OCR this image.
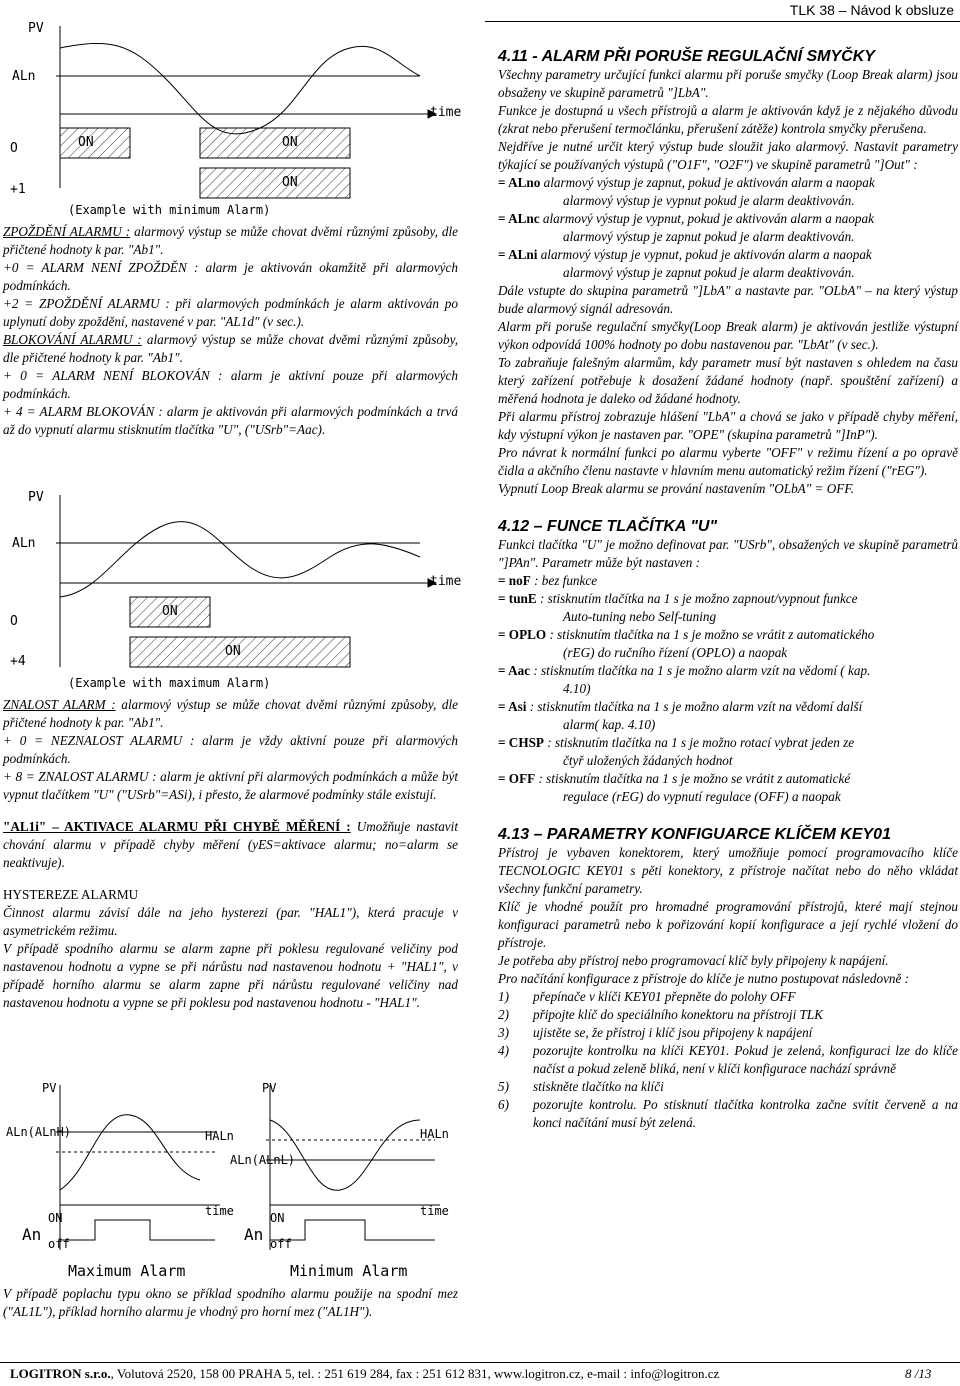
TLK 38 – Návod k obsluze
PV
ALn
time
O
+1
ON	ON
ON
(Example with minimum Alarm)

ZPOŽDĚNÍ ALARMU : alarmový výstup se může chovat dvěmi různými způsoby, dle přičtené hodnoty k par. "Ab1".

+0 = ALARM NENÍ ZPOŽDĚN : alarm je aktivován okamžitě při alarmových podmínkách.

+2 = ZPOŽDĚNÍ ALARMU : při alarmových podmínkách je alarm aktivován po uplynutí doby zpoždění, nastavené v par. "AL1d" (v sec.).

BLOKOVÁNÍ ALARMU : alarmový výstup se může chovat dvěmi různými způsoby, dle přičtené hodnoty k par. "Ab1".

+ 0 = ALARM NENÍ BLOKOVÁN : alarm je aktivní pouze při alarmových podmínkách.

+ 4 = ALARM BLOKOVÁN : alarm je aktivován při alarmových podmínkách a trvá až do vypnutí alarmu stisknutím tlačítka "U", ("USrb"=Aac).

PV
ALn
time
O
+4
ON
ON
(Example with maximum Alarm)

ZNALOST ALARM : alarmový výstup se může chovat dvěmi různými způsoby, dle přičtené hodnoty k par. "Ab1".

+ 0 = NEZNALOST ALARMU : alarm je vždy aktivní pouze při alarmových podmínkách.

+ 8 = ZNALOST ALARMU : alarm je aktivní při alarmových podmínkách a může být vypnut tlačítkem "U" ("USrb"=ASi), i přesto, že alarmové podmínky stále existují.

"AL1i" – AKTIVACE ALARMU PŘI CHYBĚ MĚŘENÍ : Umožňuje nastavit chování alarmu v případě chyby měření (yES=aktivace alarmu; no=alarm se neaktivuje).

HYSTEREZE ALARMU

Činnost alarmu závisí dále na jeho hysterezi (par. "HAL1"), která pracuje v asymetrickém režimu.

V případě spodního alarmu se alarm zapne při poklesu regulované veličiny pod nastavenou hodnotu a vypne se při nárůstu nad nastavenou hodnotu + "HAL1", v případě horního alarmu se alarm zapne při nárůstu regulované veličiny nad nastavenou hodnotu a vypne se při poklesu pod nastavenou hodnotu - "HAL1".

PV
ALn(ALnH)	HALn
time
ON
off
An
Maximum Alarm
PV
ALn(ALnL)
HALn
time
ON
off
An
Minimum Alarm

V případě poplachu typu okno se příklad spodního alarmu použije na spodní mez ("AL1L"), příklad horního alarmu je vhodný pro horní mez ("AL1H").

4.11 - ALARM PŘI PORUŠE REGULAČNÍ SMYČKY

Všechny parametry určující funkci alarmu při poruše smyčky (Loop Break alarm) jsou obsaženy ve skupině parametrů "]LbA".

Funkce je dostupná u všech přístrojů a alarm je aktivován když je z nějakého důvodu (zkrat nebo přerušení termočlánku, přerušení zátěže) kontrola smyčky přerušena.

Nejdříve je nutné určit který výstup bude sloužit jako alarmový. Nastavit parametry týkající se používaných výstupů ("O1F", "O2F") ve skupině parametrů "]Out" :

= ALno alarmový výstup je zapnut, pokud je aktivován alarm a naopak

alarmový výstup je vypnut pokud je alarm deaktivován.

= ALnc alarmový výstup je vypnut, pokud je aktivován alarm a naopak

alarmový výstup je zapnut pokud je alarm deaktivován.

= ALni alarmový výstup je vypnut, pokud je aktivován alarm a naopak

alarmový výstup je zapnut pokud je alarm deaktivován.

Dále vstupte do skupina parametrů "]LbA" a nastavte par. "OLbA" – na který výstup bude alarmový signál adresován.

Alarm při poruše regulační smyčky(Loop Break alarm) je aktivován jestliže výstupní výkon odpovídá 100% hodnoty po dobu nastavenou par. "LbAt" (v sec.).

To zabraňuje falešným alarmům, kdy parametr musí být nastaven s ohledem na času který zařízení potřebuje k dosažení žádané hodnoty (např. spouštění zařízení) a měřená hodnota je daleko od žádané hodnoty.

Při alarmu přístroj zobrazuje hlášení "LbA" a chová se jako v případě chyby měření, kdy výstupní výkon je nastaven par. "OPE" (skupina parametrů "]InP").

Pro návrat k normální funkci po alarmu vyberte "OFF" v režimu řízení a po opravě čidla a akčního členu nastavte v hlavním menu automatický režim řízení ("rEG").

Vypnutí Loop Break alarmu se prování nastavením "OLbA" = OFF.

4.12 – FUNCE TLAČÍTKA "U"

Funkci tlačítka "U" je možno definovat par. "USrb", obsažených ve skupině parametrů "]PAn". Parametr může být nastaven :

= noF : bez funkce

= tunE : stisknutím tlačítka na 1 s je možno zapnout/vypnout funkce

Auto-tuning nebo Self-tuning

= OPLO : stisknutím tlačítka na 1 s je možno se vrátit z automatického

(rEG) do ručního řízení (OPLO) a naopak

= Aac : stisknutím tlačítka na 1 s je možno alarm vzít na vědomí ( kap.

4.10)

= Asi : stisknutím tlačítka na 1 s je možno alarm vzít na vědomí další

alarm( kap. 4.10)

= CHSP : stisknutím tlačítka na 1 s je možno rotací vybrat jeden ze

čtyř uložených žádaných hodnot

= OFF : stisknutím tlačítka na 1 s je možno se vrátit z automatické

regulace (rEG) do vypnutí regulace (OFF) a naopak

4.13 – PARAMETRY KONFIGUARCE KLÍČEM KEY01

Přístroj je vybaven konektorem, který umožňuje pomocí programovacího klíče TECNOLOGIC KEY01 s pěti konektory, z přístroje načítat nebo do něho vkládat všechny funkční parametry.

Klíč je vhodné použít pro hromadné programování přístrojů, které mají stejnou konfiguraci parametrů nebo k pořizování kopií konfigurace a její rychlé vložení do přístroje.

Je potřeba aby přístroj nebo programovací klíč byly připojeny k napájení.

Pro načítání konfigurace z přístroje do klíče je nutno postupovat následovně :

1)	přepínače v klíči KEY01 přepněte do polohy OFF

2)	připojte klíč do speciálního konektoru na přístroji TLK

3)	ujistěte se, že přístroj i klíč jsou připojeny k napájení

4)	pozorujte kontrolku na klíči KEY01. Pokud je zelená, konfiguraci lze do klíče načíst a pokud zeleně bliká, není v klíči konfigurace nachází správně

5)	stiskněte tlačítko na klíči

6)	pozorujte kontrolu. Po stisknutí tlačítka kontrolka začne svítit červeně a na konci načítání musí být zelená.

LOGITRON s.r.o., Volutová 2520, 158 00 PRAHA 5, tel. : 251 619 284, fax : 251 612 831, www.logitron.cz, e-mail : info@logitron.cz	8 /13
